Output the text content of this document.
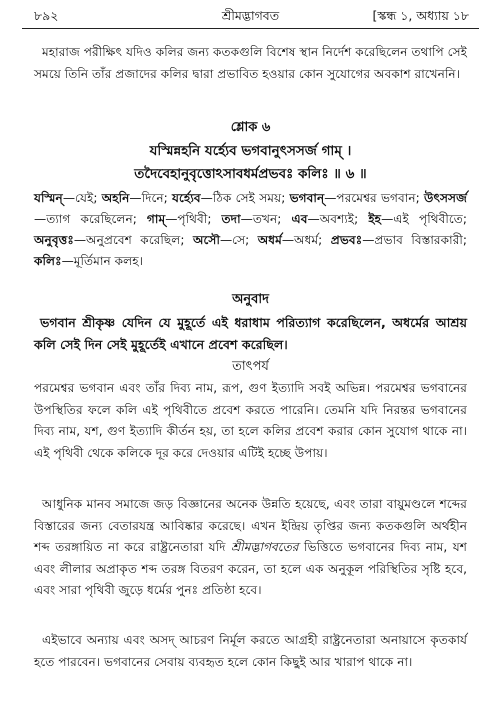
৮৯২	শ্রীমদ্ভাগবত	[স্কন্ধ ১, অধ্যায় ১৮

মহারাজ পরীক্ষিৎ যদিও কলির জন্য কতকগুলি বিশেষ স্থান নির্দেশ করেছিলেন তথাপি সেই সময়ে তিনি তাঁর প্রজাদের কলির দ্বারা প্রভাবিত হওয়ার কোন সুযোগের অবকাশ রাখেননি।

শ্লোক ৬
যস্মিন্নহনি যর্হ্যেব ভগবানুৎসসর্জ গাম্ ।
তদৈবেহানুবৃত্তোঽসাবধর্মপ্রভবঃ কলিঃ ॥ ৬ ॥

যস্মিন্—যেই; অহনি—দিনে; যর্হ্যেব—ঠিক সেই সময়; ভগবান্—পরমেশ্বর ভগবান; উৎসসর্জ—ত্যাগ করেছিলেন; গাম্—পৃথিবী; তদা—তখন; এব—অবশ্যই; ইহ—এই পৃথিবীতে; অনুবৃত্তঃ—অনুপ্রবেশ করেছিল; অসৌ—সে; অধর্ম—অধর্ম; প্রভবঃ—প্রভাব বিস্তারকারী; কলিঃ—মূর্তিমান কলহ।

অনুবাদ

ভগবান শ্রীকৃষ্ণ যেদিন যে মুহূর্তে এই ধরাধাম পরিত্যাগ করেছিলেন, অধর্মের আশ্রয় কলি সেই দিন সেই মুহূর্তেই এখানে প্রবেশ করেছিল।

তাৎপর্য

পরমেশ্বর ভগবান এবং তাঁর দিব্য নাম, রূপ, গুণ ইত্যাদি সবই অভিন্ন। পরমেশ্বর ভগবানের উপস্থিতির ফলে কলি এই পৃথিবীতে প্রবেশ করতে পারেনি। তেমনি যদি নিরন্তর ভগবানের দিব্য নাম, যশ, গুণ ইত্যাদি কীর্তন হয়, তা হলে কলির প্রবেশ করার কোন সুযোগ থাকে না। এই পৃথিবী থেকে কলিকে দূর করে দেওয়ার এটিই হচ্ছে উপায়।

আধুনিক মানব সমাজে জড় বিজ্ঞানের অনেক উন্নতি হয়েছে, এবং তারা বায়ুমণ্ডলে শব্দের বিস্তারের জন্য বেতারযন্ত্র আবিষ্কার করেছে। এখন ইন্দ্রিয় তৃপ্তির জন্য কতকগুলি অর্থহীন শব্দ তরঙ্গায়িত না করে রাষ্ট্রনেতারা যদি শ্রীমদ্ভাগবতের ভিত্তিতে ভগবানের দিব্য নাম, যশ এবং লীলার অপ্রাকৃত শব্দ তরঙ্গ বিতরণ করেন, তা হলে এক অনুকূল পরিস্থিতির সৃষ্টি হবে, এবং সারা পৃথিবী জুড়ে ধর্মের পুনঃ প্রতিষ্ঠা হবে।

এইভাবে অন্যায় এবং অসদ্ আচরণ নির্মূল করতে আগ্রহী রাষ্ট্রনেতারা অনায়াসে কৃতকার্য হতে পারবেন। ভগবানের সেবায় ব্যবহৃত হলে কোন কিছুই আর খারাপ থাকে না।
